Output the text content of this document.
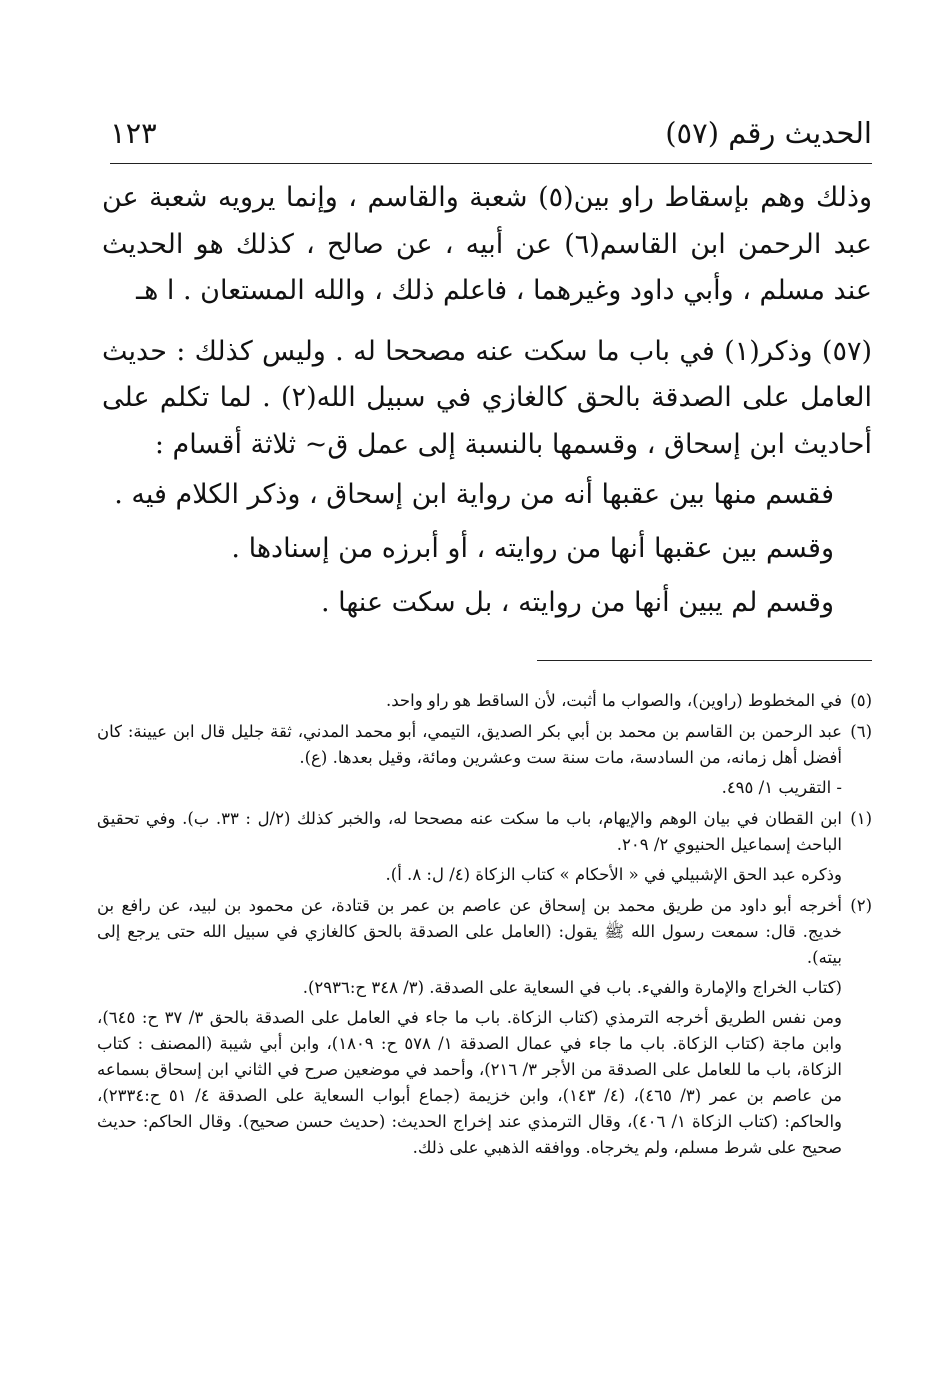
الحديث رقم (٥٧)
١٢٣

وذلك وهم بإسقاط راو بين(٥) شعبة والقاسم ، وإنما يرويه شعبة عن عبد الرحمن ابن القاسم(٦) عن أبيه ، عن صالح ، كذلك هو الحديث عند مسلم ، وأبي داود وغيرهما ، فاعلم ذلك ، والله المستعان . ا هـ

(٥٧) وذكر(١) في باب ما سكت عنه مصححا له . وليس كذلك : حديث العامل على الصدقة بالحق كالغازي في سبيل الله(٢) . لما تكلم على أحاديث ابن إسحاق ، وقسمها بالنسبة إلى عمل ق~ ثلاثة أقسام :

فقسم منها بين عقبها أنه من رواية ابن إسحاق ، وذكر الكلام فيه .

وقسم بين عقبها أنها من روايته ، أو أبرزه من إسنادها .

وقسم لم يبين أنها من روايته ، بل سكت عنها .

(٥)

في المخطوط (راوين)، والصواب ما أثبت، لأن الساقط هو راو واحد.

(٦)

عبد الرحمن بن القاسم بن محمد بن أبي بكر الصديق، التيمي، أبو محمد المدني، ثقة جليل قال ابن عيينة: كان أفضل أهل زمانه، من السادسة، مات سنة ست وعشرين ومائة، وقيل بعدها. (ع).

- التقريب ١/ ٤٩٥.

(١)

ابن القطان في بيان الوهم والإيهام، باب ما سكت عنه مصححا له، والخبر كذلك (٢/ل : ٣٣. ب). وفي تحقيق الباحث إسماعيل الحنيوي ٢/ ٢٠٩.

وذكره عبد الحق الإشبيلي في « الأحكام » كتاب الزكاة (٤/ ل: ٨. أ).

(٢)

أخرجه أبو داود من طريق محمد بن إسحاق عن عاصم بن عمر بن قتادة، عن محمود بن لبيد، عن رافع بن خديج. قال: سمعت رسول الله ﷺ يقول: (العامل على الصدقة بالحق كالغازي في سبيل الله حتى يرجع إلى بيته).

(كتاب الخراج والإمارة والفيء. باب في السعاية على الصدقة. (٣/ ٣٤٨ ح:٢٩٣٦).

ومن نفس الطريق أخرجه الترمذي (كتاب الزكاة. باب ما جاء في العامل على الصدقة بالحق ٣/ ٣٧ ح: ٦٤٥)، وابن ماجة (كتاب الزكاة. باب ما جاء في عمال الصدقة ١/ ٥٧٨ ح: ١٨٠٩)، وابن أبي شيبة (المصنف : كتاب الزكاة، باب ما للعامل على الصدقة من الأجر ٣/ ٢١٦)، وأحمد في موضعين صرح في الثاني ابن إسحاق بسماعه من عاصم بن عمر (٣/ ٤٦٥)، (٤/ ١٤٣)، وابن خزيمة (جماع أبواب السعاية على الصدقة ٤/ ٥١ ح:٢٣٣٤)، والحاكم: (كتاب الزكاة ١/ ٤٠٦)، وقال الترمذي عند إخراج الحديث: (حديث حسن صحيح). وقال الحاكم: حديث صحيح على شرط مسلم، ولم يخرجاه. ووافقه الذهبي على ذلك.
